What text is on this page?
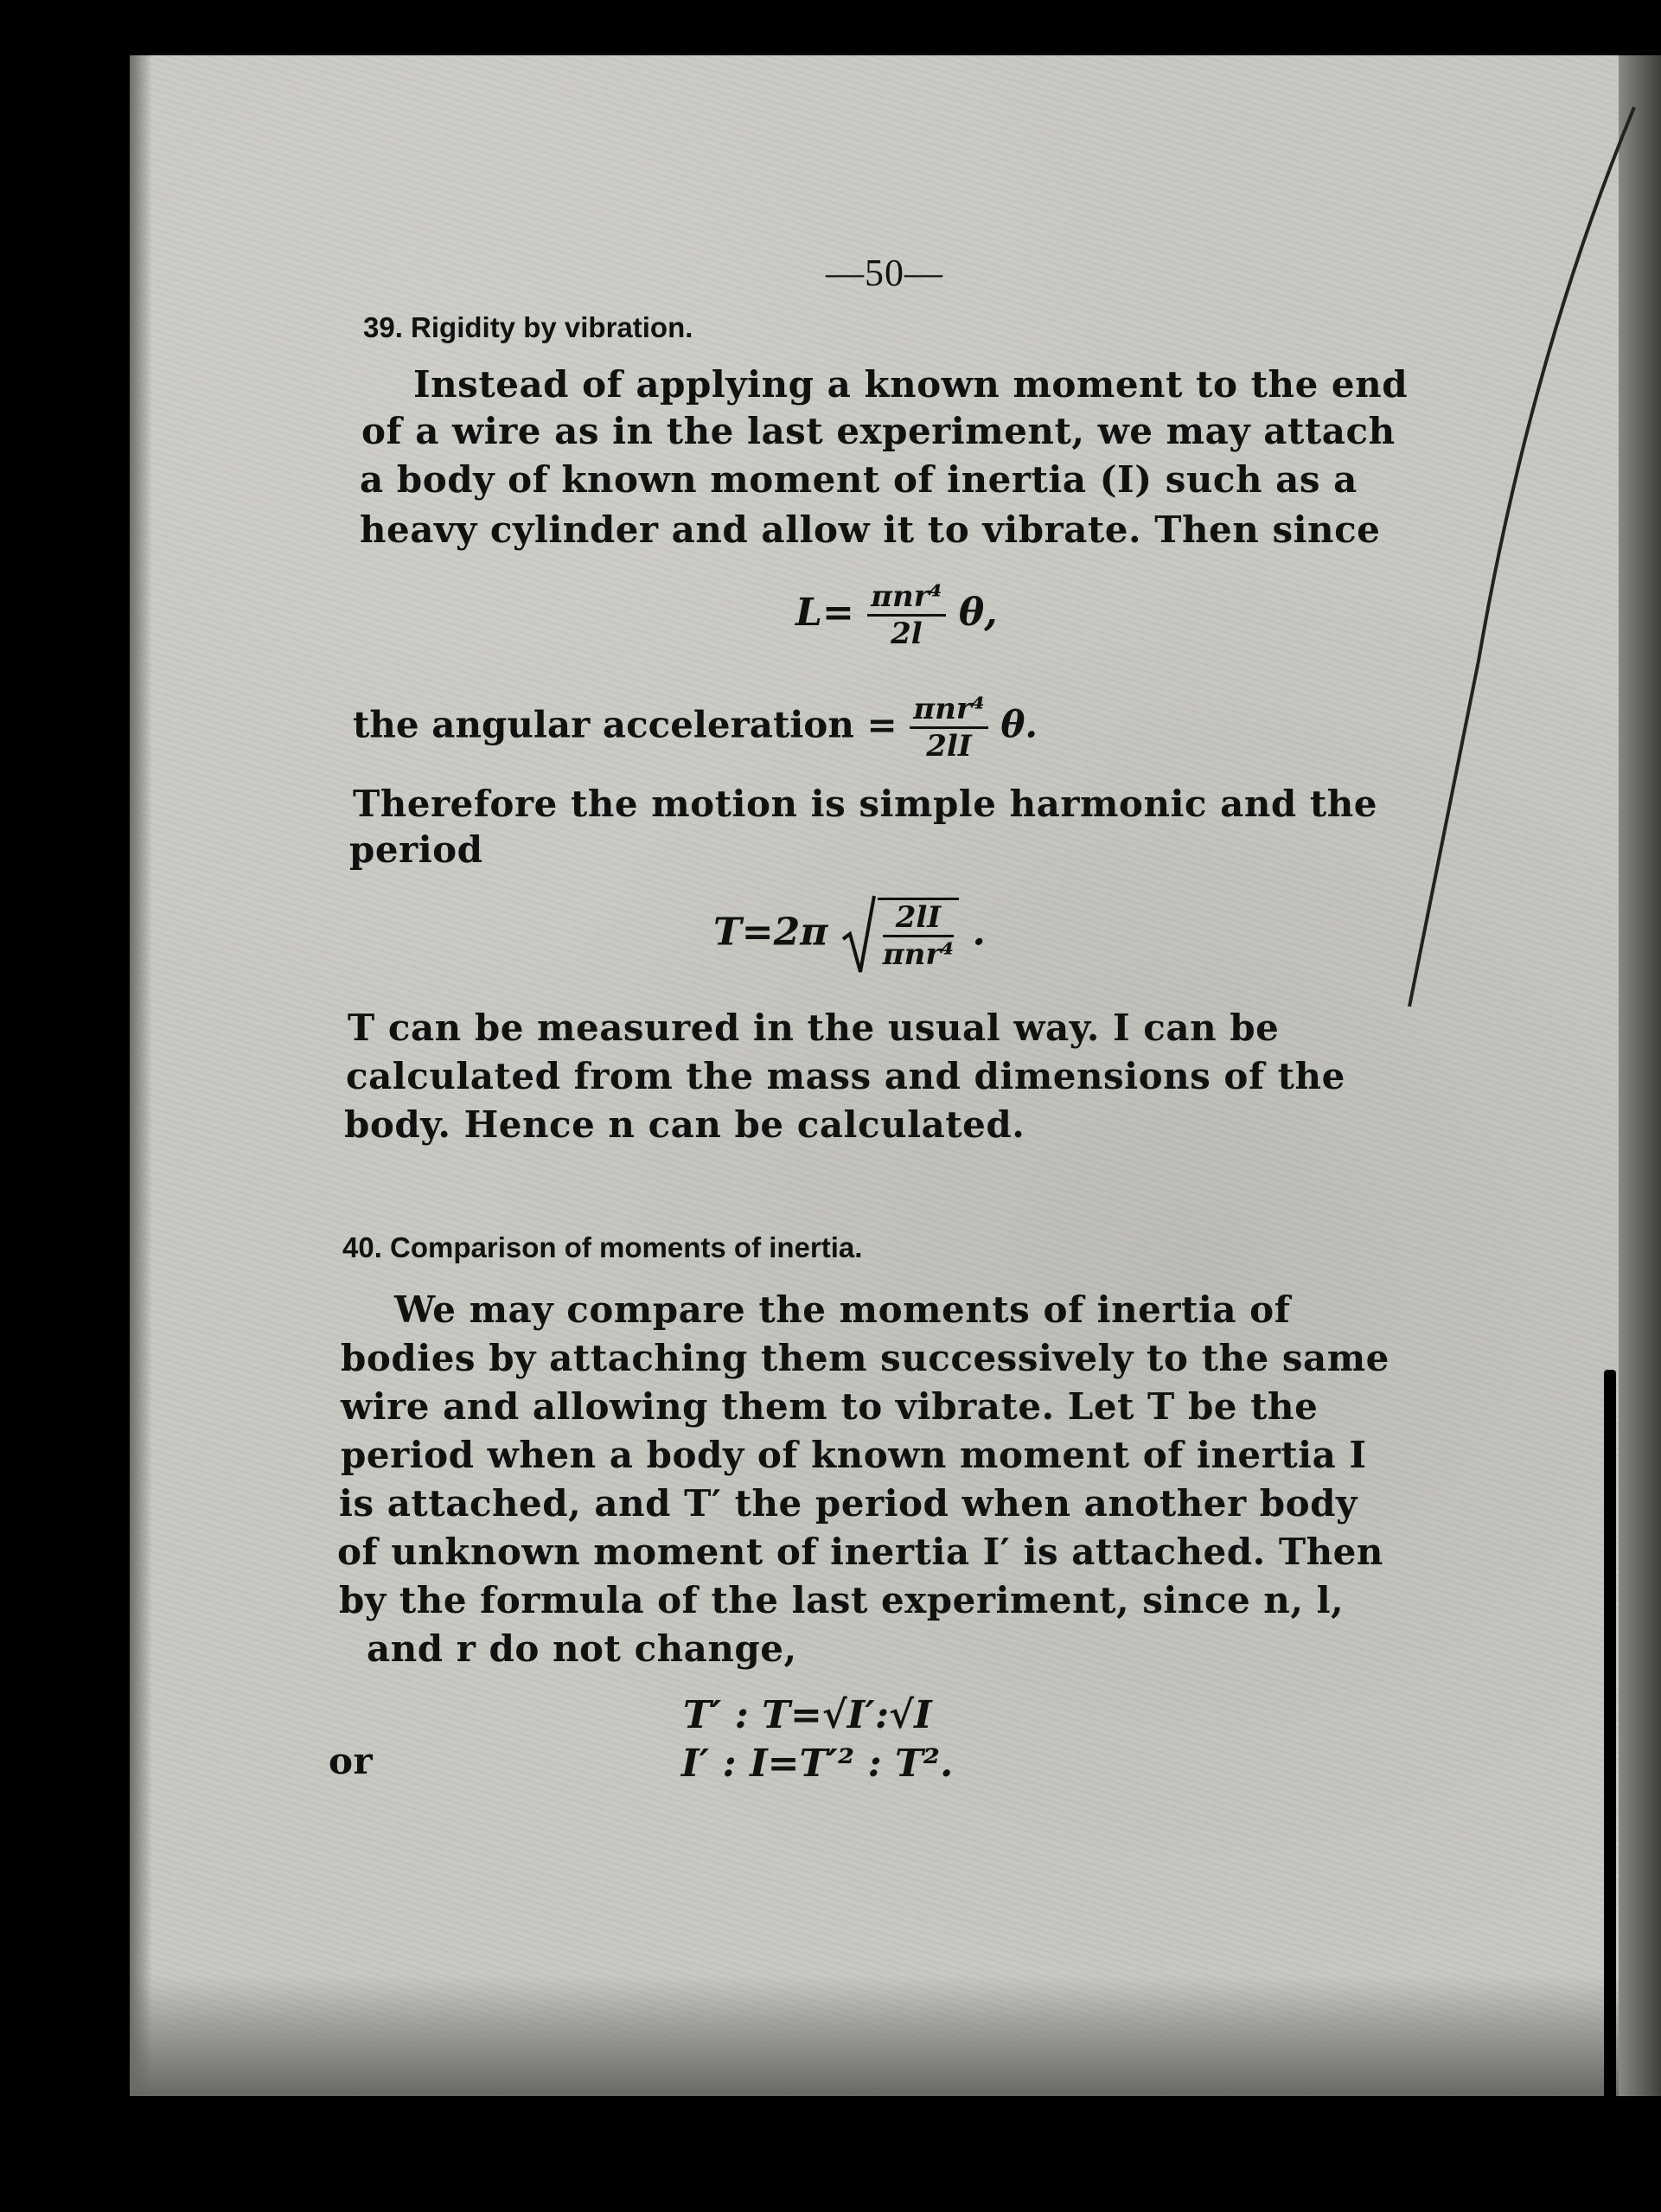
—50—
39. Rigidity by vibration.
Instead of applying a known moment to the end
of a wire as in the last experiment, we may attach
a body of known moment of inertia (I) such as a
heavy cylinder and allow it to vibrate. Then since
$L= \frac{\text{πnr⁴}}{2l} \theta$,
the angular acceleration = $\frac{\text{πnr⁴}}{2lI} \theta$.
Therefore the motion is simple harmonic and the
period
$T=2\pi \frac{2lI}{\text{πnr⁴}}$ .
T can be measured in the usual way. I can be
calculated from the mass and dimensions of the
body. Hence n can be calculated.
40. Comparison of moments of inertia.
We may compare the moments of inertia of
bodies by attaching them successively to the same
wire and allowing them to vibrate. Let T be the
period when a body of known moment of inertia I
is attached, and T′ the period when another body
of unknown moment of inertia I′ is attached. Then
by the formula of the last experiment, since n, l,
and r do not change,
T′ : T=√I′:√I
or	I′ : I=T′² : T².
